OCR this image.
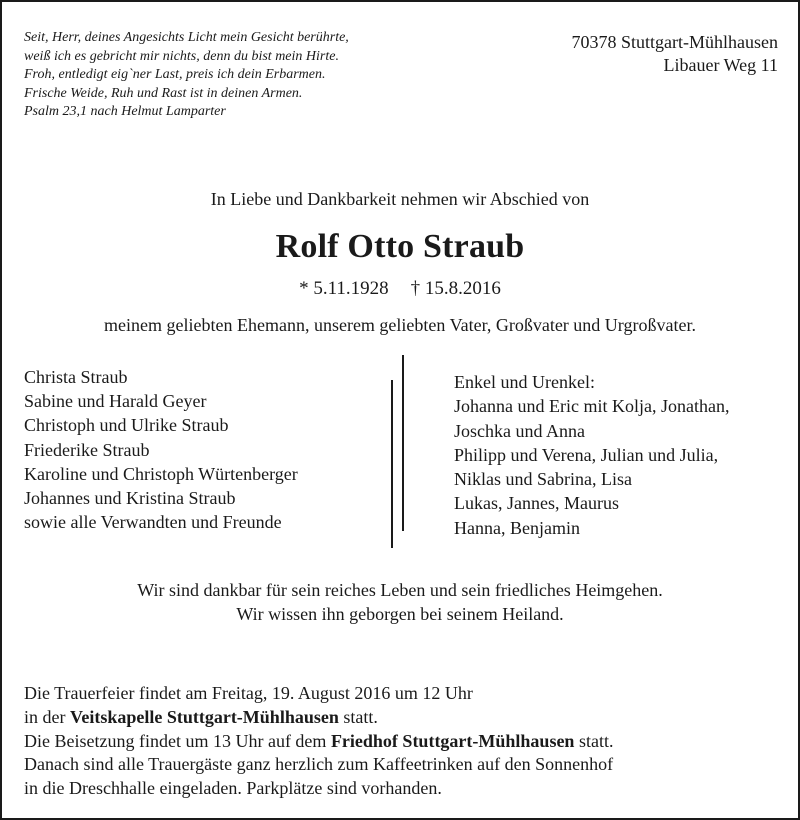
Seit, Herr, deines Angesichts Licht mein Gesicht berührte,
weiß ich es gebricht mir nichts, denn du bist mein Hirte.
Froh, entledigt eig`ner Last, preis ich dein Erbarmen.
Frische Weide, Ruh und Rast ist in deinen Armen.
Psalm 23,1 nach Helmut Lamparter
70378 Stuttgart-Mühlhausen
Libauer Weg 11
In Liebe und Dankbarkeit nehmen wir Abschied von
Rolf Otto Straub
* 5.11.1928 † 15.8.2016
meinem geliebten Ehemann, unserem geliebten Vater, Großvater und Urgroßvater.
Christa Straub
Sabine und Harald Geyer
Christoph und Ulrike Straub
Friederike Straub
Karoline und Christoph Würtenberger
Johannes und Kristina Straub
sowie alle Verwandten und Freunde
Enkel und Urenkel:
Johanna und Eric mit Kolja, Jonathan,
Joschka und Anna
Philipp und Verena, Julian und Julia,
Niklas und Sabrina, Lisa
Lukas, Jannes, Maurus
Hanna, Benjamin
Wir sind dankbar für sein reiches Leben und sein friedliches Heimgehen.
Wir wissen ihn geborgen bei seinem Heiland.
Die Trauerfeier findet am Freitag, 19. August 2016 um 12 Uhr
in der Veitskapelle Stuttgart-Mühlhausen statt.
Die Beisetzung findet um 13 Uhr auf dem Friedhof Stuttgart-Mühlhausen statt.
Danach sind alle Trauergäste ganz herzlich zum Kaffeetrinken auf den Sonnenhof
in die Dreschhalle eingeladen. Parkplätze sind vorhanden.
